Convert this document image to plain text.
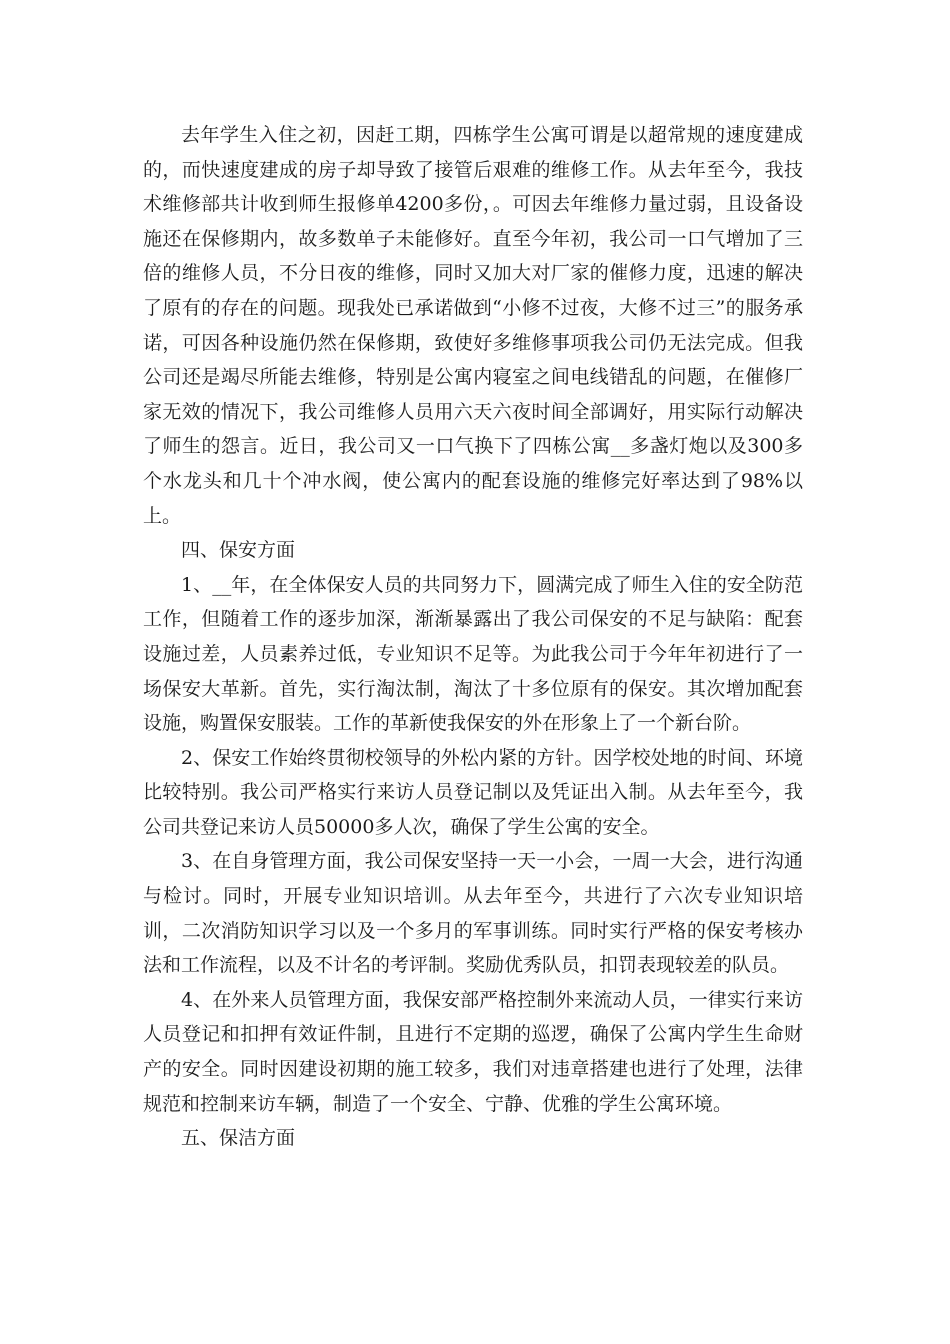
去年学生入住之初，因赶工期，四栋学生公寓可谓是以超常规的速度建成的，而快速度建成的房子却导致了接管后艰难的维修工作。从去年至今，我技术维修部共计收到师生报修单4200多份，。可因去年维修力量过弱，且设备设施还在保修期内，故多数单子未能修好。直至今年初，我公司一口气增加了三倍的维修人员，不分日夜的维修，同时又加大对厂家的催修力度，迅速的解决了原有的存在的问题。现我处已承诺做到“小修不过夜，大修不过三”的服务承诺，可因各种设施仍然在保修期，致使好多维修事项我公司仍无法完成。但我公司还是竭尽所能去维修，特别是公寓内寝室之间电线错乱的问题，在催修厂家无效的情况下，我公司维修人员用六天六夜时间全部调好，用实际行动解决了师生的怨言。近日，我公司又一口气换下了四栋公寓__多盏灯炮以及300多个水龙头和几十个冲水阀，使公寓内的配套设施的维修完好率达到了98%以上。

四、保安方面

1、__年，在全体保安人员的共同努力下，圆满完成了师生入住的安全防范工作，但随着工作的逐步加深，渐渐暴露出了我公司保安的不足与缺陷：配套设施过差，人员素养过低，专业知识不足等。为此我公司于今年年初进行了一场保安大革新。首先，实行淘汰制，淘汰了十多位原有的保安。其次增加配套设施，购置保安服装。工作的革新使我保安的外在形象上了一个新台阶。

2、保安工作始终贯彻校领导的外松内紧的方针。因学校处地的时间、环境比较特别。我公司严格实行来访人员登记制以及凭证出入制。从去年至今，我公司共登记来访人员50000多人次，确保了学生公寓的安全。

3、在自身管理方面，我公司保安坚持一天一小会，一周一大会，进行沟通与检讨。同时，开展专业知识培训。从去年至今，共进行了六次专业知识培训，二次消防知识学习以及一个多月的军事训练。同时实行严格的保安考核办法和工作流程，以及不计名的考评制。奖励优秀队员，扣罚表现较差的队员。

4、在外来人员管理方面，我保安部严格控制外来流动人员，一律实行来访人员登记和扣押有效证件制，且进行不定期的巡逻，确保了公寓内学生生命财产的安全。同时因建设初期的施工较多，我们对违章搭建也进行了处理，法律规范和控制来访车辆，制造了一个安全、宁静、优雅的学生公寓环境。

五、保洁方面
